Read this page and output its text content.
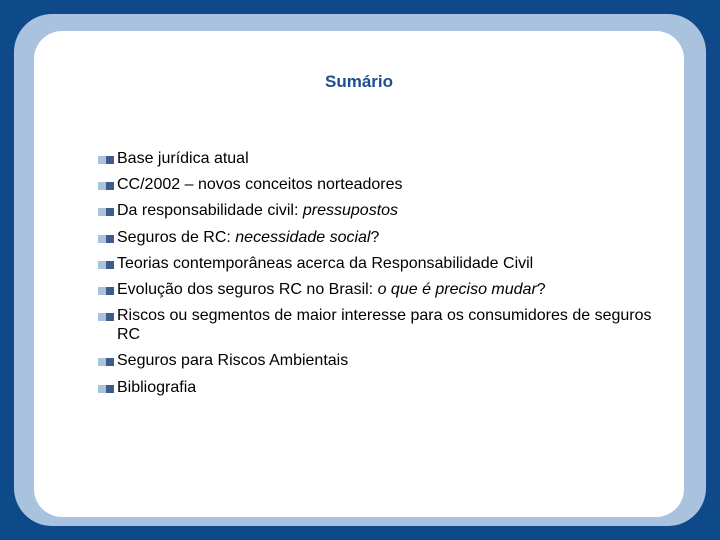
Sumário
Base jurídica atual
CC/2002 – novos conceitos norteadores
Da responsabilidade civil: pressupostos
Seguros de RC: necessidade social?
Teorias contemporâneas acerca da Responsabilidade Civil
Evolução dos seguros RC no Brasil: o que é preciso mudar?
Riscos ou segmentos de maior interesse para os consumidores de seguros RC
Seguros para Riscos Ambientais
Bibliografia
